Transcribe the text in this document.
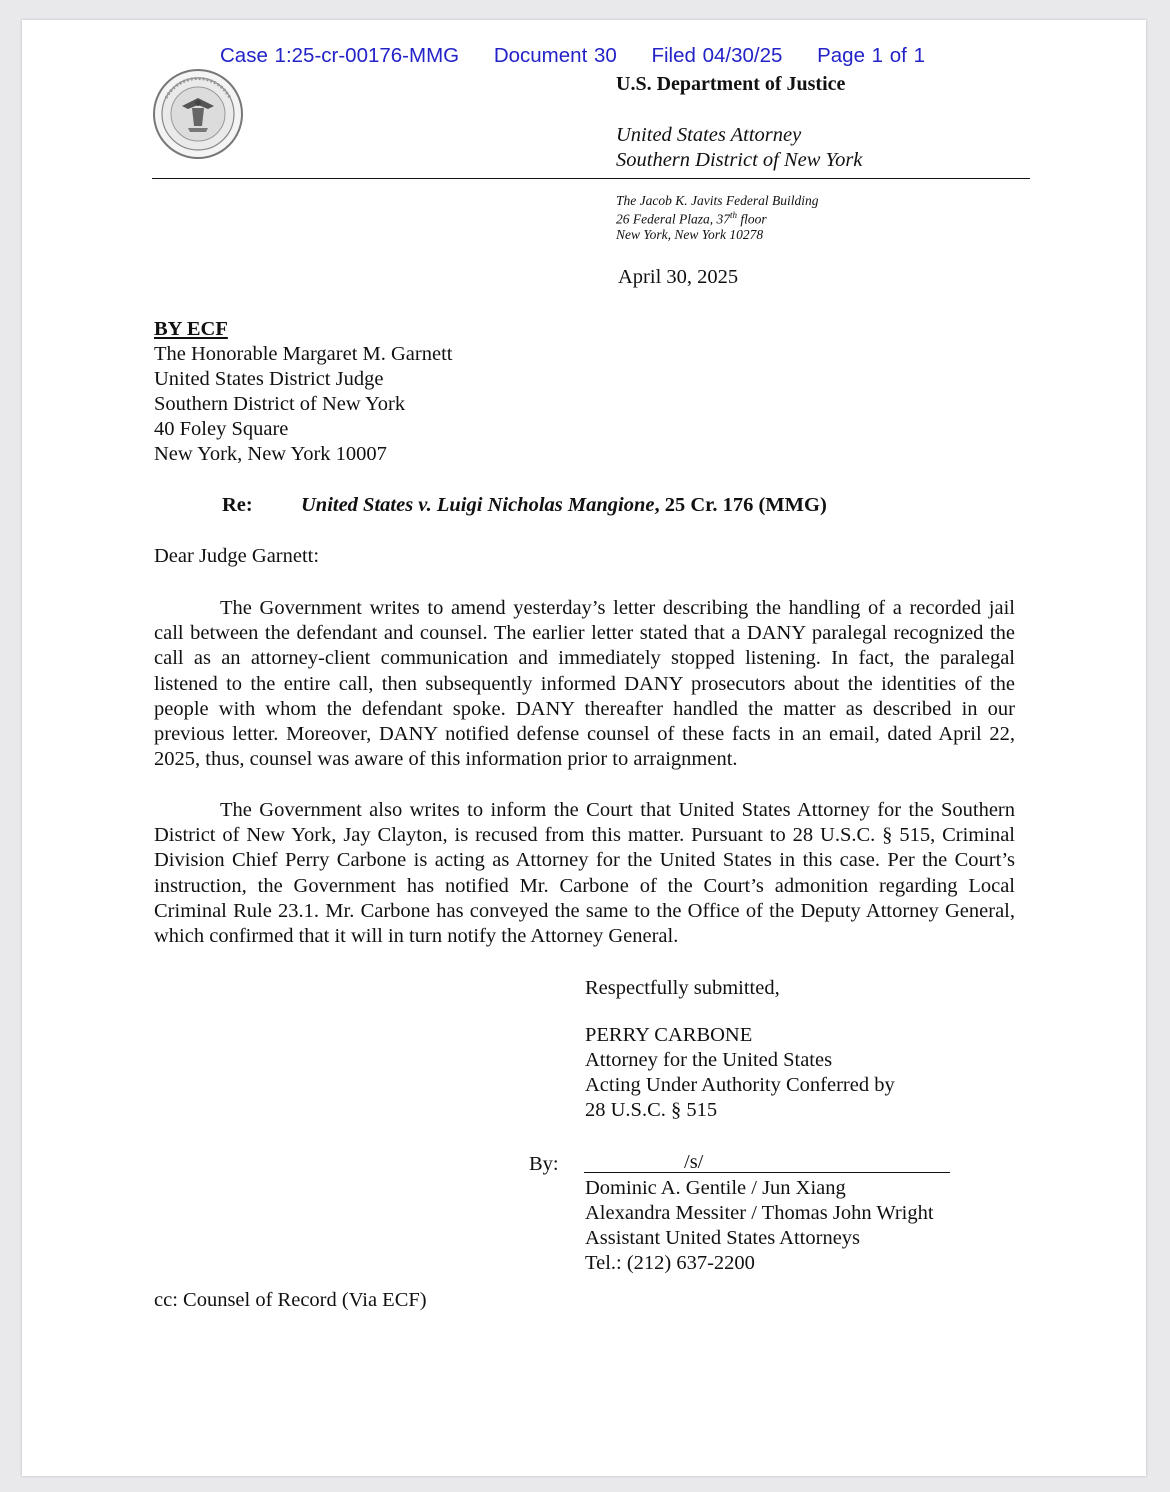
Case 1:25-cr-00176-MMG Document 30 Filed 04/30/25 Page 1 of 1
U.S. Department of Justice
United States Attorney
Southern District of New York
The Jacob K. Javits Federal Building
26 Federal Plaza, 37th floor
New York, New York 10278
April 30, 2025
BY ECF
The Honorable Margaret M. Garnett
United States District Judge
Southern District of New York
40 Foley Square
New York, New York 10007
Re: United States v. Luigi Nicholas Mangione, 25 Cr. 176 (MMG)
Dear Judge Garnett:

The Government writes to amend yesterday’s letter describing the handling of a recorded jail call between the defendant and counsel. The earlier letter stated that a DANY paralegal recognized the call as an attorney-client communication and immediately stopped listening. In fact, the paralegal listened to the entire call, then subsequently informed DANY prosecutors about the identities of the people with whom the defendant spoke. DANY thereafter handled the matter as described in our previous letter. Moreover, DANY notified defense counsel of these facts in an email, dated April 22, 2025, thus, counsel was aware of this information prior to arraignment.

The Government also writes to inform the Court that United States Attorney for the Southern District of New York, Jay Clayton, is recused from this matter. Pursuant to 28 U.S.C. § 515, Criminal Division Chief Perry Carbone is acting as Attorney for the United States in this case. Per the Court’s instruction, the Government has notified Mr. Carbone of the Court’s admonition regarding Local Criminal Rule 23.1. Mr. Carbone has conveyed the same to the Office of the Deputy Attorney General, which confirmed that it will in turn notify the Attorney General.

Respectfully submitted,
PERRY CARBONE
Attorney for the United States
Acting Under Authority Conferred by
28 U.S.C. § 515
By:	/s/
Dominic A. Gentile / Jun Xiang
Alexandra Messiter / Thomas John Wright
Assistant United States Attorneys
Tel.: (212) 637-2200
cc: Counsel of Record (Via ECF)
